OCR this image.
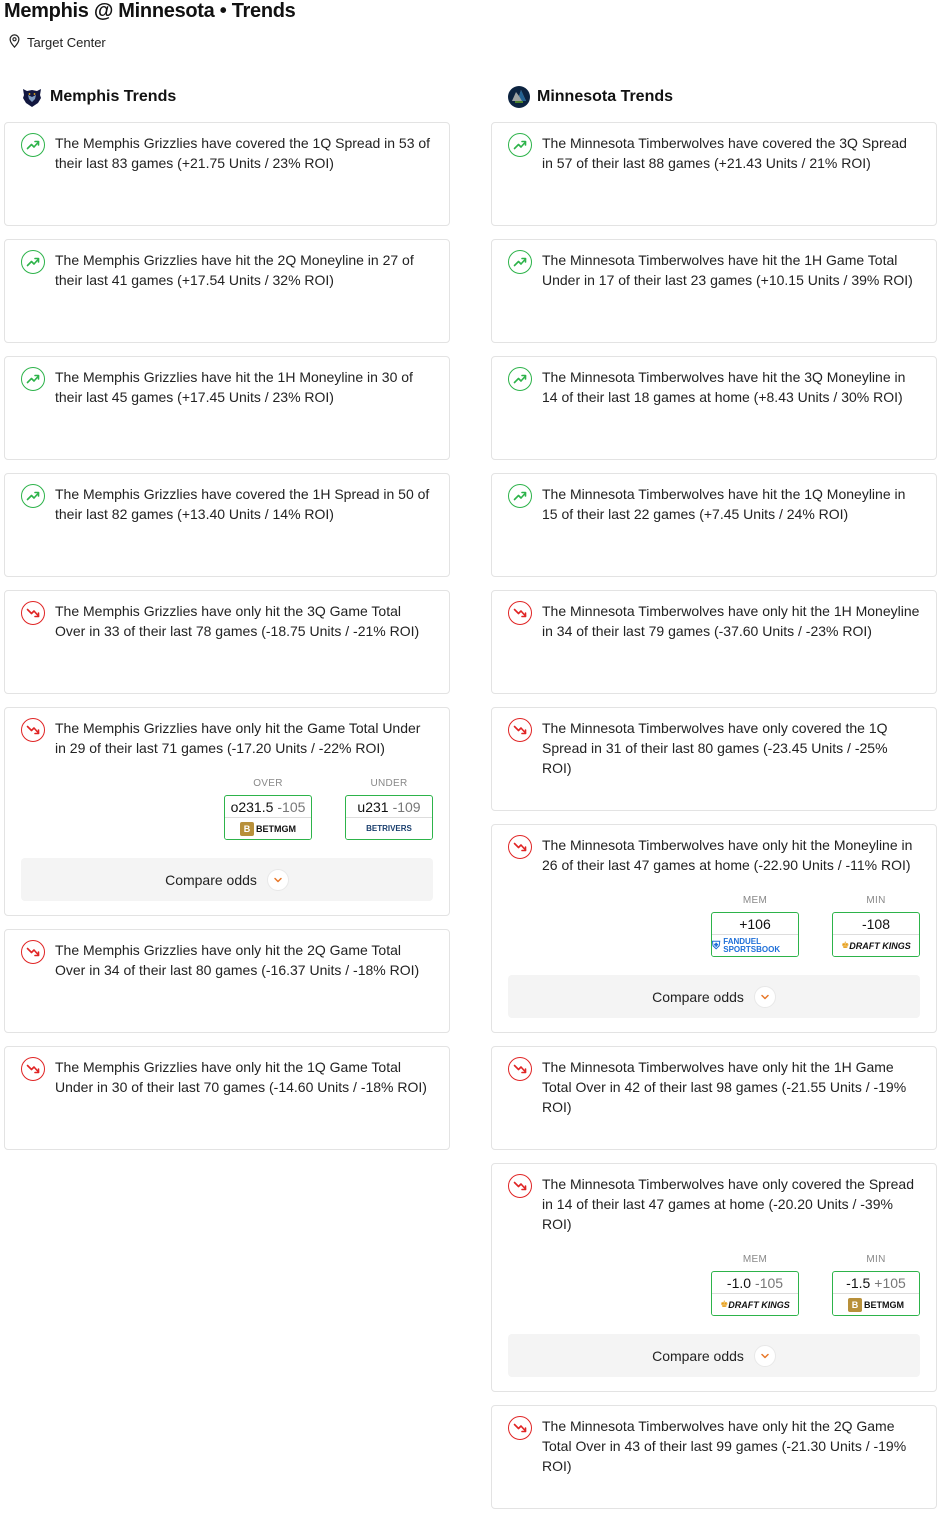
Memphis @ Minnesota • Trends
Target Center
Memphis Trends
The Memphis Grizzlies have covered the 1Q Spread in 53 of their last 83 games (+21.75 Units / 23% ROI)
The Memphis Grizzlies have hit the 2Q Moneyline in 27 of their last 41 games (+17.54 Units / 32% ROI)
The Memphis Grizzlies have hit the 1H Moneyline in 30 of their last 45 games (+17.45 Units / 23% ROI)
The Memphis Grizzlies have covered the 1H Spread in 50 of their last 82 games (+13.40 Units / 14% ROI)
The Memphis Grizzlies have only hit the 3Q Game Total Over in 33 of their last 78 games (-18.75 Units / -21% ROI)
The Memphis Grizzlies have only hit the Game Total Under in 29 of their last 71 games (-17.20 Units / -22% ROI)
OVER
o231.5 -105
B BETMGM
UNDER
u231 -109
BETRIVERS
Compare odds
The Memphis Grizzlies have only hit the 2Q Game Total Over in 34 of their last 80 games (-16.37 Units / -18% ROI)
The Memphis Grizzlies have only hit the 1Q Game Total Under in 30 of their last 70 games (-14.60 Units / -18% ROI)
Minnesota Trends
The Minnesota Timberwolves have covered the 3Q Spread in 57 of their last 88 games (+21.43 Units / 21% ROI)
The Minnesota Timberwolves have hit the 1H Game Total Under in 17 of their last 23 games (+10.15 Units / 39% ROI)
The Minnesota Timberwolves have hit the 3Q Moneyline in 14 of their last 18 games at home (+8.43 Units / 30% ROI)
The Minnesota Timberwolves have hit the 1Q Moneyline in 15 of their last 22 games (+7.45 Units / 24% ROI)
The Minnesota Timberwolves have only hit the 1H Moneyline in 34 of their last 79 games (-37.60 Units / -23% ROI)
The Minnesota Timberwolves have only covered the 1Q Spread in 31 of their last 80 games (-23.45 Units / -25% ROI)
The Minnesota Timberwolves have only hit the Moneyline in 26 of their last 47 games at home (-22.90 Units / -11% ROI)
MEM
+106
⛨ FANDUEL SPORTSBOOK
MIN
-108
♚ DRAFT KINGS
Compare odds
The Minnesota Timberwolves have only hit the 1H Game Total Over in 42 of their last 98 games (-21.55 Units / -19% ROI)
The Minnesota Timberwolves have only covered the Spread in 14 of their last 47 games at home (-20.20 Units / -39% ROI)
MEM
-1.0 -105
♚ DRAFT KINGS
MIN
-1.5 +105
B BETMGM
Compare odds
The Minnesota Timberwolves have only hit the 2Q Game Total Over in 43 of their last 99 games (-21.30 Units / -19% ROI)
